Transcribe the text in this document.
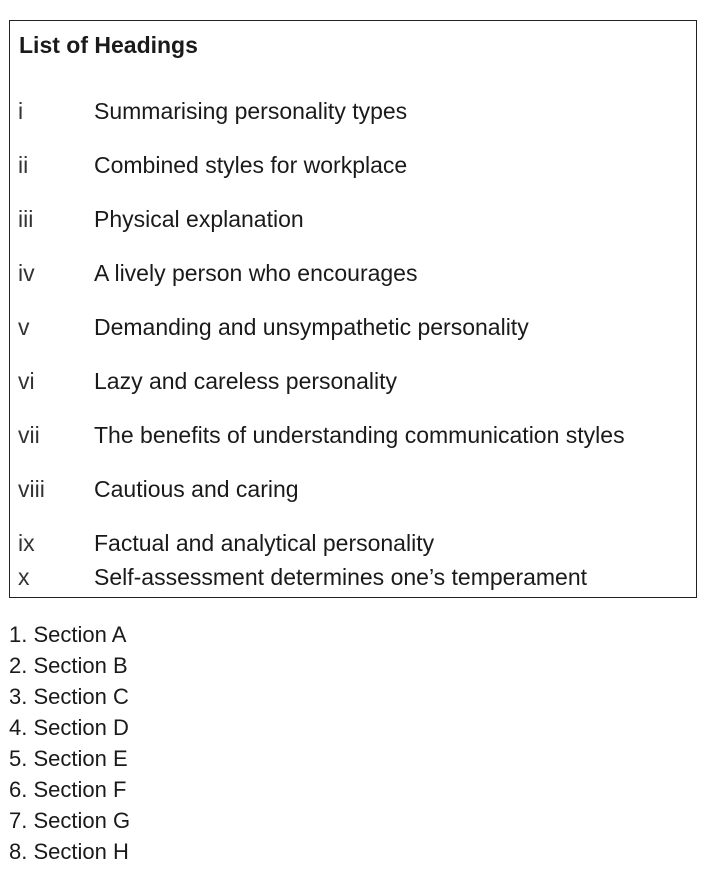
List of Headings
i	Summarising personality types
ii	Combined styles for workplace
iii	Physical explanation
iv	A lively person who encourages
v	Demanding and unsympathetic personality
vi	Lazy and careless personality
vii The benefits of understanding communication styles
viii Cautious and caring
ix	Factual and analytical personality
x	Self-assessment determines one’s temperament
1. Section A
2. Section B
3. Section C
4. Section D
5. Section E
6. Section F
7. Section G
8. Section H
